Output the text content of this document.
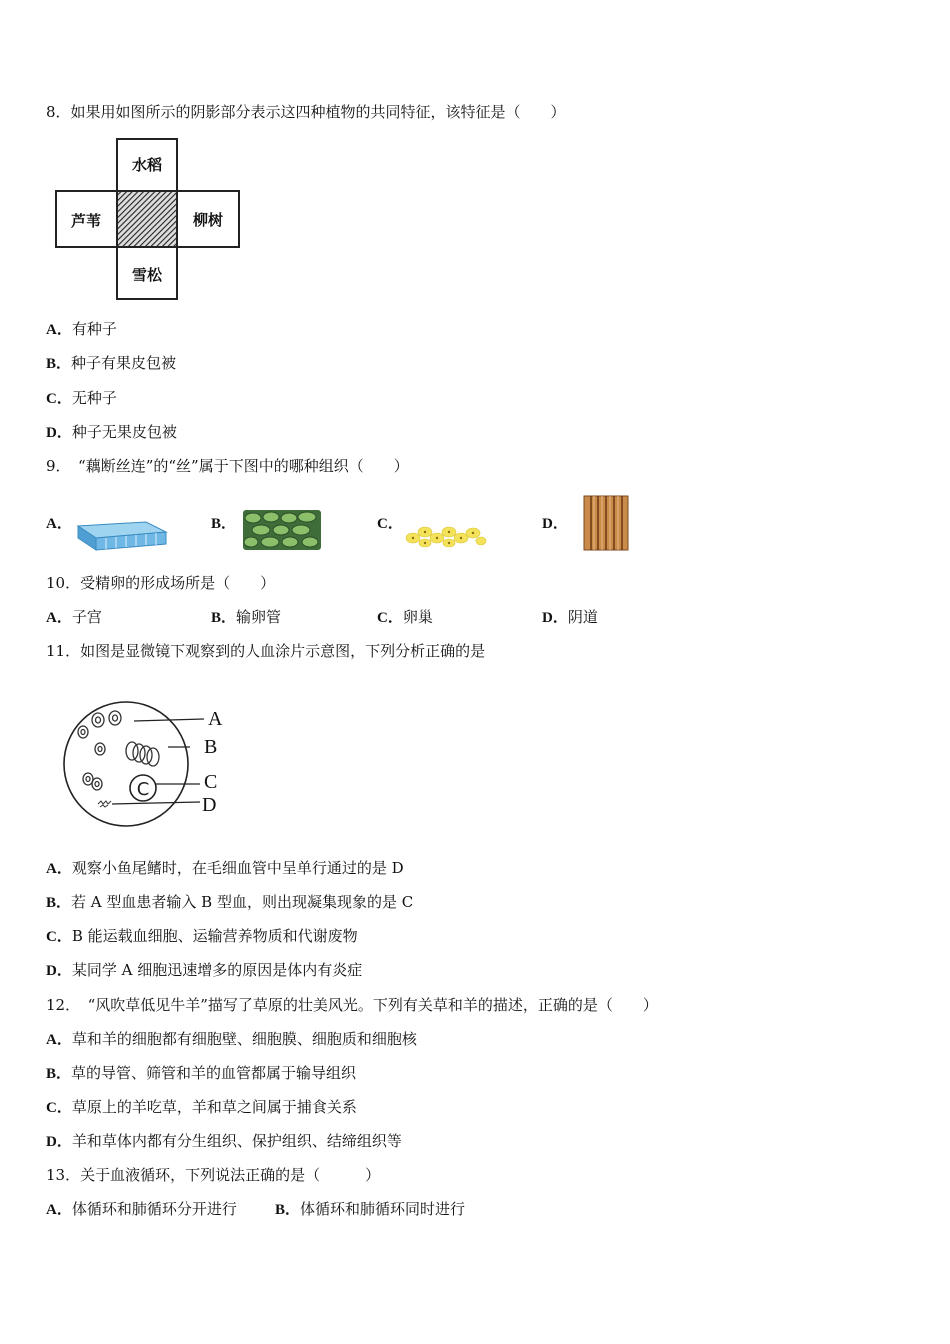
8．如果用如图所示的阴影部分表示这四种植物的共同特征，该特征是（　　）
水稻
芦苇	柳树
雪松
A．有种子
B．种子有果皮包被
C．无种子
D．种子无果皮包被
9．　“藕断丝连”的“丝”属于下图中的哪种组织（　　）
A．	B．	C．	D．
10．受精卵的形成场所是（　　）
A．子宫	B．输卵管	C．卵巢	D．阴道
11．如图是显微镜下观察到的人血涂片示意图，下列分析正确的是
C
A
B
C
D
A．观察小鱼尾鳍时，在毛细血管中呈单行通过的是 D
B．若 A 型血患者输入 B 型血，则出现凝集现象的是 C
C．B 能运载血细胞、运输营养物质和代谢废物
D．某同学 A 细胞迅速增多的原因是体内有炎症
12．　“风吹草低见牛羊”描写了草原的壮美风光。下列有关草和羊的描述，正确的是（　　）
A．草和羊的细胞都有细胞壁、细胞膜、细胞质和细胞核
B．草的导管、筛管和羊的血管都属于输导组织
C．草原上的羊吃草，羊和草之间属于捕食关系
D．羊和草体内都有分生组织、保护组织、结缔组织等
13．关于血液循环，下列说法正确的是（　　　）
A．体循环和肺循环分开进行	B．体循环和肺循环同时进行
